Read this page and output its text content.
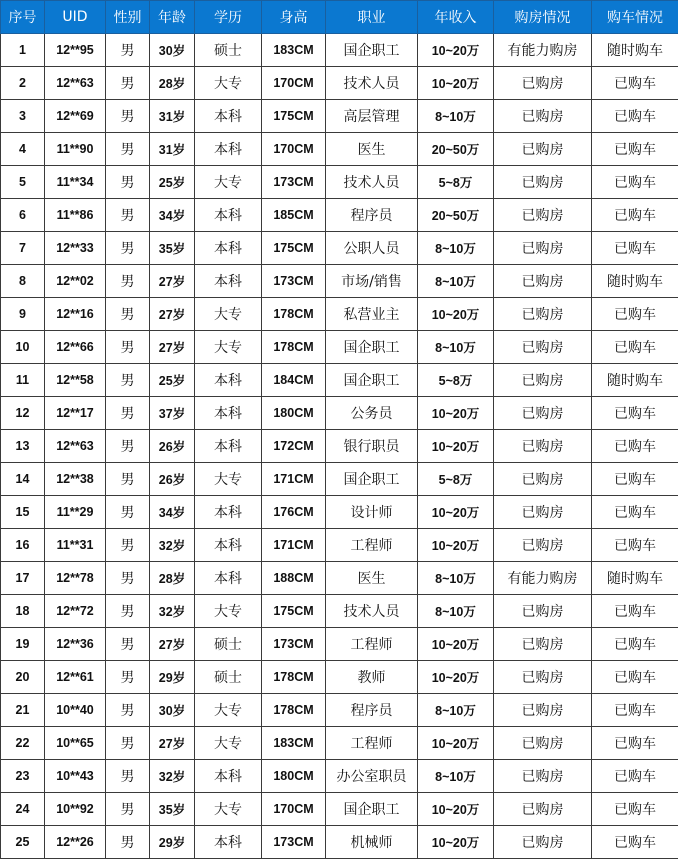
序号	UID	性别	年龄	学历	身高	职业	年收入	购房情况	购车情况
1	12**95	男	30岁	硕士	183CM	国企职工	10~20万	有能力购房	随时购车
2	12**63	男	28岁	大专	170CM	技术人员	10~20万	已购房	已购车
3	12**69	男	31岁	本科	175CM	高层管理	8~10万	已购房	已购车
4	11**90	男	31岁	本科	170CM	医生	20~50万	已购房	已购车
5	11**34	男	25岁	大专	173CM	技术人员	5~8万	已购房	已购车
6	11**86	男	34岁	本科	185CM	程序员	20~50万	已购房	已购车
7	12**33	男	35岁	本科	175CM	公职人员	8~10万	已购房	已购车
8	12**02	男	27岁	本科	173CM	市场/销售	8~10万	已购房	随时购车
9	12**16	男	27岁	大专	178CM	私营业主	10~20万	已购房	已购车
10	12**66	男	27岁	大专	178CM	国企职工	8~10万	已购房	已购车
11	12**58	男	25岁	本科	184CM	国企职工	5~8万	已购房	随时购车
12	12**17	男	37岁	本科	180CM	公务员	10~20万	已购房	已购车
13	12**63	男	26岁	本科	172CM	银行职员	10~20万	已购房	已购车
14	12**38	男	26岁	大专	171CM	国企职工	5~8万	已购房	已购车
15	11**29	男	34岁	本科	176CM	设计师	10~20万	已购房	已购车
16	11**31	男	32岁	本科	171CM	工程师	10~20万	已购房	已购车
17	12**78	男	28岁	本科	188CM	医生	8~10万	有能力购房	随时购车
18	12**72	男	32岁	大专	175CM	技术人员	8~10万	已购房	已购车
19	12**36	男	27岁	硕士	173CM	工程师	10~20万	已购房	已购车
20	12**61	男	29岁	硕士	178CM	教师	10~20万	已购房	已购车
21	10**40	男	30岁	大专	178CM	程序员	8~10万	已购房	已购车
22	10**65	男	27岁	大专	183CM	工程师	10~20万	已购房	已购车
23	10**43	男	32岁	本科	180CM	办公室职员	8~10万	已购房	已购车
24	10**92	男	35岁	大专	170CM	国企职工	10~20万	已购房	已购车
25	12**26	男	29岁	本科	173CM	机械师	10~20万	已购房	已购车
